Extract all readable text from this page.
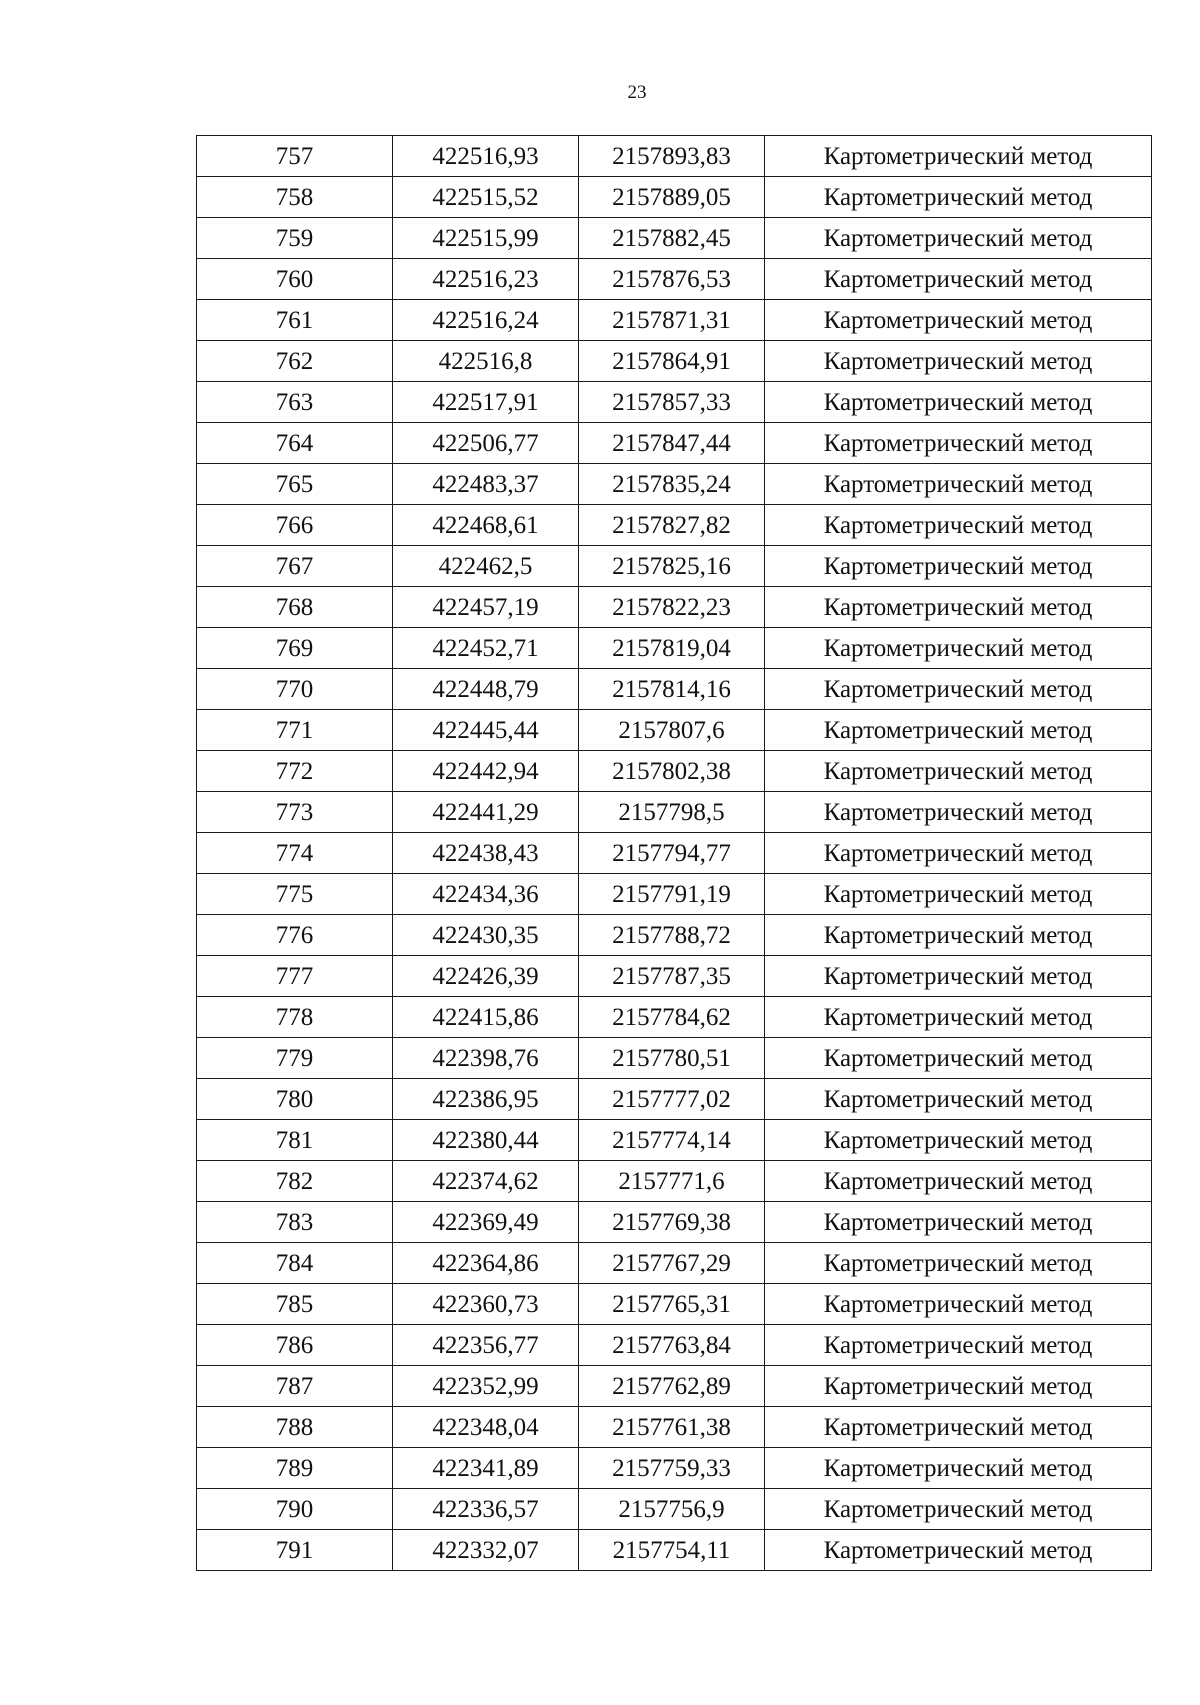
23
757	422516,93	2157893,83	Картометрический метод
758	422515,52	2157889,05	Картометрический метод
759	422515,99	2157882,45	Картометрический метод
760	422516,23	2157876,53	Картометрический метод
761	422516,24	2157871,31	Картометрический метод
762	422516,8	2157864,91	Картометрический метод
763	422517,91	2157857,33	Картометрический метод
764	422506,77	2157847,44	Картометрический метод
765	422483,37	2157835,24	Картометрический метод
766	422468,61	2157827,82	Картометрический метод
767	422462,5	2157825,16	Картометрический метод
768	422457,19	2157822,23	Картометрический метод
769	422452,71	2157819,04	Картометрический метод
770	422448,79	2157814,16	Картометрический метод
771	422445,44	2157807,6	Картометрический метод
772	422442,94	2157802,38	Картометрический метод
773	422441,29	2157798,5	Картометрический метод
774	422438,43	2157794,77	Картометрический метод
775	422434,36	2157791,19	Картометрический метод
776	422430,35	2157788,72	Картометрический метод
777	422426,39	2157787,35	Картометрический метод
778	422415,86	2157784,62	Картометрический метод
779	422398,76	2157780,51	Картометрический метод
780	422386,95	2157777,02	Картометрический метод
781	422380,44	2157774,14	Картометрический метод
782	422374,62	2157771,6	Картометрический метод
783	422369,49	2157769,38	Картометрический метод
784	422364,86	2157767,29	Картометрический метод
785	422360,73	2157765,31	Картометрический метод
786	422356,77	2157763,84	Картометрический метод
787	422352,99	2157762,89	Картометрический метод
788	422348,04	2157761,38	Картометрический метод
789	422341,89	2157759,33	Картометрический метод
790	422336,57	2157756,9	Картометрический метод
791	422332,07	2157754,11	Картометрический метод
